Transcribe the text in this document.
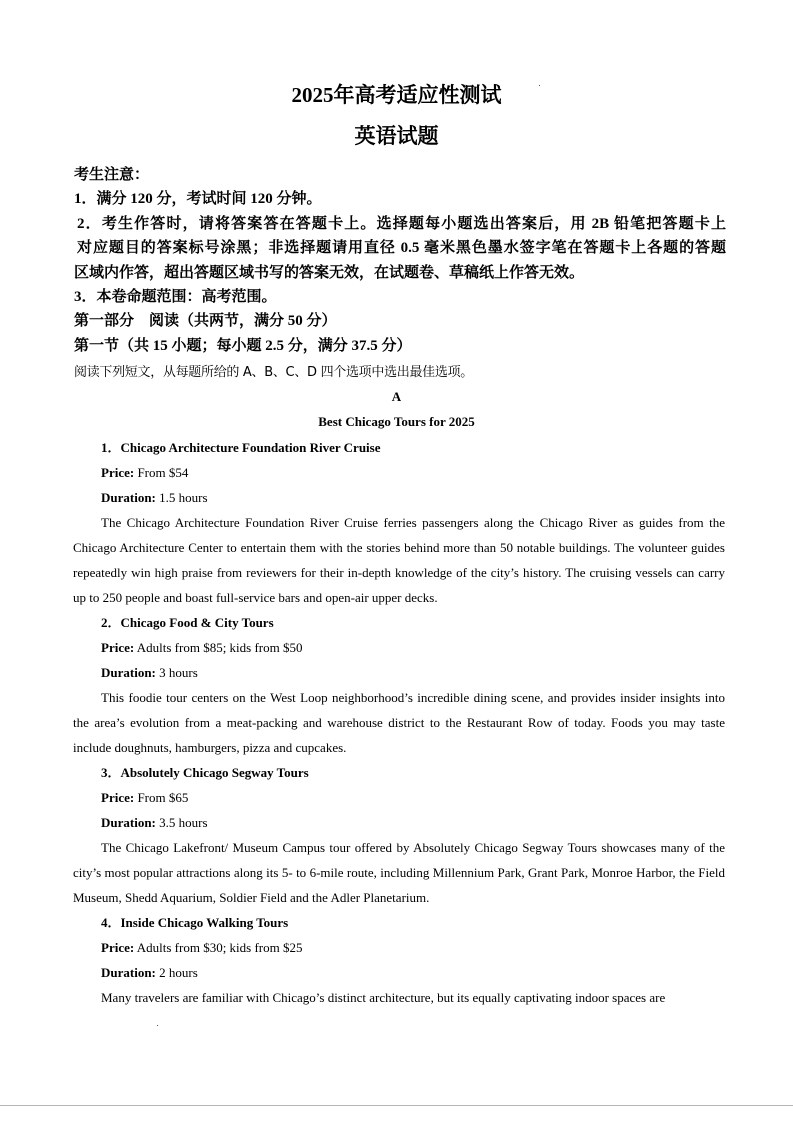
2025年高考适应性测试
英语试题
考生注意：
1．满分 120 分，考试时间 120 分钟。
2．考生作答时，请将答案答在答题卡上。选择题每小题选出答案后，用 2B 铅笔把答题卡上
对应题目的答案标号涂黑；非选择题请用直径 0.5 毫米黑色墨水签字笔在答题卡上各题的答题
区域内作答，超出答题区域书写的答案无效，在试题卷、草稿纸上作答无效。
3．本卷命题范围：高考范围。
第一部分　阅读（共两节，满分 50 分）
第一节（共 15 小题；每小题 2.5 分，满分 37.5 分）
阅读下列短文，从每题所给的 A、B、C、D 四个选项中选出最佳选项。
A
Best Chicago Tours for 2025
1．Chicago Architecture Foundation River Cruise
Price: From $54
Duration: 1.5 hours
The Chicago Architecture Foundation River Cruise ferries passengers along the Chicago River as guides from the Chicago Architecture Center to entertain them with the stories behind more than 50 notable buildings. The volunteer guides repeatedly win high praise from reviewers for their in-depth knowledge of the city’s history. The cruising vessels can carry up to 250 people and boast full-service bars and open-air upper decks.
2．Chicago Food & City Tours
Price: Adults from $85; kids from $50
Duration: 3 hours
This foodie tour centers on the West Loop neighborhood’s incredible dining scene, and provides insider insights into the area’s evolution from a meat-packing and warehouse district to the Restaurant Row of today. Foods you may taste include doughnuts, hamburgers, pizza and cupcakes.
3．Absolutely Chicago Segway Tours
Price: From $65
Duration: 3.5 hours
The Chicago Lakefront/ Museum Campus tour offered by Absolutely Chicago Segway Tours showcases many of the city’s most popular attractions along its 5- to 6-mile route, including Millennium Park, Grant Park, Monroe Harbor, the Field Museum, Shedd Aquarium, Soldier Field and the Adler Planetarium.
4．Inside Chicago Walking Tours
Price: Adults from $30; kids from $25
Duration: 2 hours
Many travelers are familiar with Chicago’s distinct architecture, but its equally captivating indoor spaces are
